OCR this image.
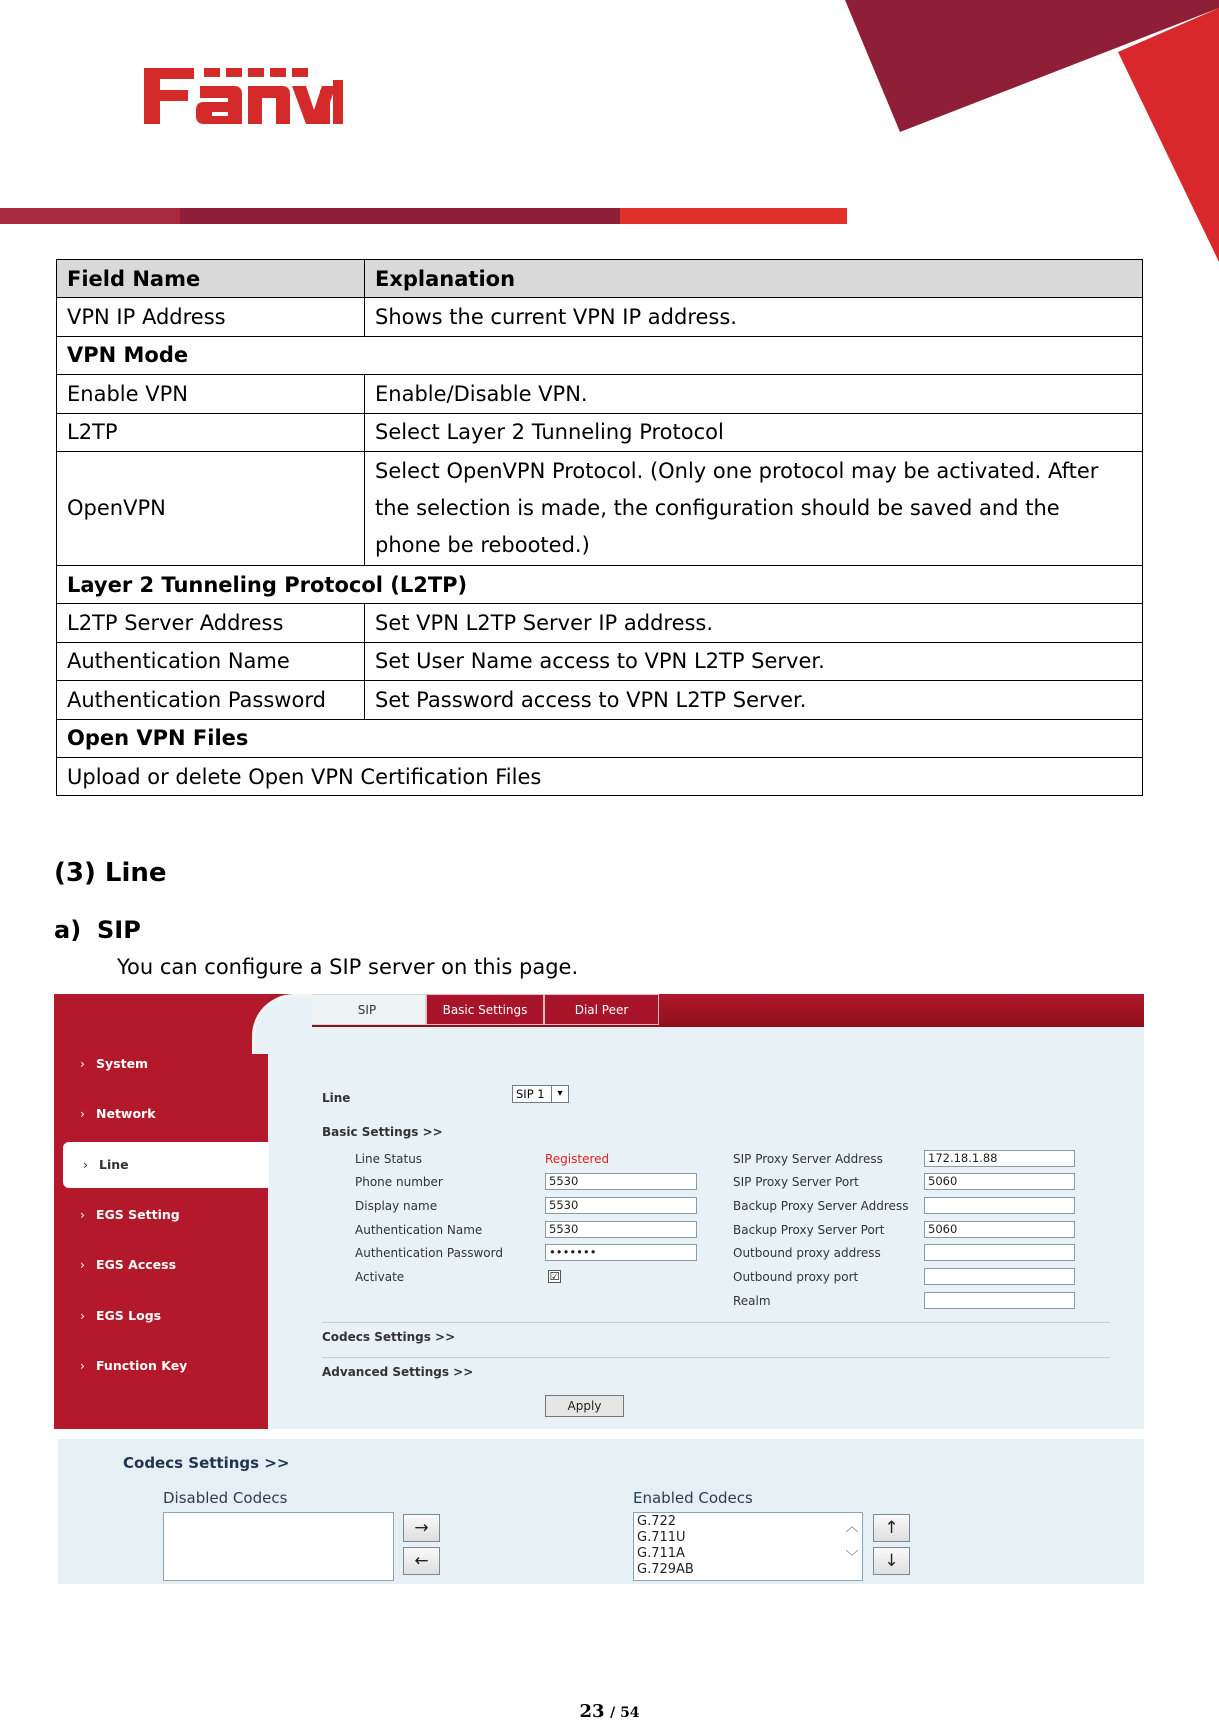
Field Name	Explanation
VPN IP Address	Shows the current VPN IP address.
VPN Mode	
Enable VPN	Enable/Disable VPN.
L2TP	Select Layer 2 Tunneling Protocol
OpenVPN	Select OpenVPN Protocol. (Only one protocol may be activated. After the selection is made, the configuration should be saved and the phone be rebooted.)
Layer 2 Tunneling Protocol (L2TP)	
L2TP Server Address	Set VPN L2TP Server IP address.
Authentication Name	Set User Name access to VPN L2TP Server.
Authentication Password	Set Password access to VPN L2TP Server.
Open VPN Files	
Upload or delete Open VPN Certification Files	
(3) Line
a) SIP
You can configure a SIP server on this page.
SIP	Basic Settings	Dial Peer
› System
› Network
› Line
› EGS Setting
› EGS Access
› EGS Logs
› Function Key
Line	SIP 1	▾
Basic Settings >>
Line Status	Registered
Phone number	5530
Display name	5530
Authentication Name	5530
Authentication Password	•••••••
Activate	☑
SIP Proxy Server Address	172.18.1.88
SIP Proxy Server Port	5060
Backup Proxy Server Address
Backup Proxy Server Port	5060
Outbound proxy address
Outbound proxy port
Realm
Codecs Settings >>
Advanced Settings >>
Apply
Codecs Settings >>
Disabled Codecs
→
←
Enabled Codecs
G.722
G.711U
G.711A
G.729AB
︿
﹀
↑
↓
23 / 54
